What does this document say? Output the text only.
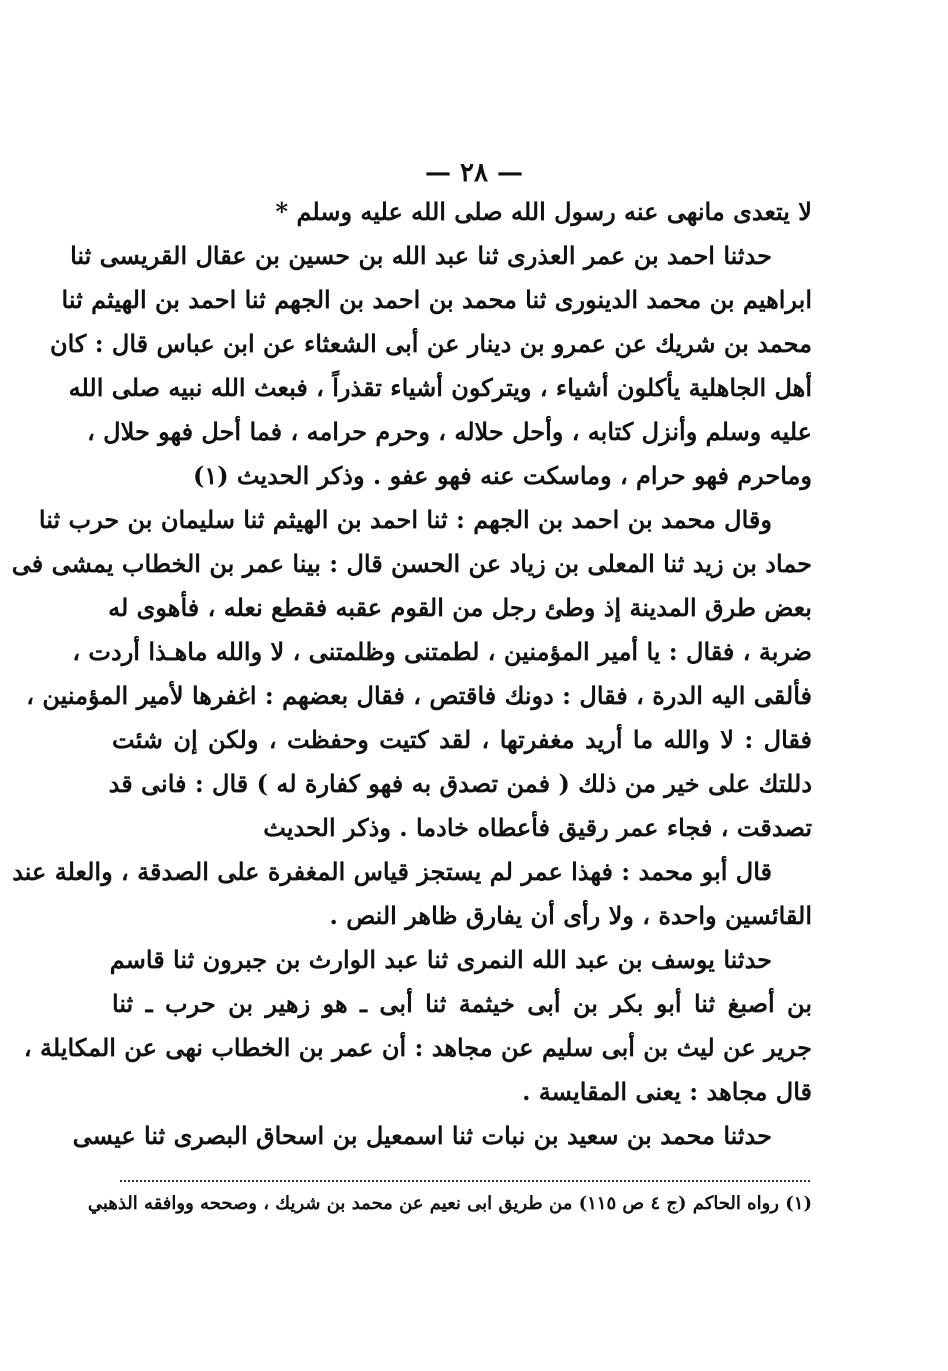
— ٢٨ —
لا يتعدى مانهى عنه رسول الله صلى الله عليه وسلم *
حدثنا احمد بن عمر العذرى ثنا عبد الله بن حسين بن عقال القريسى ثنا
ابراهيم بن محمد الدينورى ثنا محمد بن احمد بن الجهم ثنا احمد بن الهيثم ثنا
محمد بن شريك عن عمرو بن دينار عن أبى الشعثاء عن ابن عباس قال : كان
أهل الجاهلية يأكلون أشياء ، ويتركون أشياء تقذراً ، فبعث الله نبيه صلى الله
عليه وسلم وأنزل كتابه ، وأحل حلاله ، وحرم حرامه ، فما أحل فهو حلال ،
وماحرم فهو حرام ، وماسكت عنه فهو عفو . وذكر الحديث (١)
وقال محمد بن احمد بن الجهم : ثنا احمد بن الهيثم ثنا سليمان بن حرب ثنا
حماد بن زيد ثنا المعلى بن زياد عن الحسن قال : بينا عمر بن الخطاب يمشى فى
بعض طرق المدينة إذ وطئ رجل من القوم عقبه فقطع نعله ، فأهوى له
ضربة ، فقال : يا أمير المؤمنين ، لطمتنى وظلمتنى ، لا والله ماهـذا أردت ،
فألقى اليه الدرة ، فقال : دونك فاقتص ، فقال بعضهم : اغفرها لأمير المؤمنين ،
فقال : لا والله ما أريد مغفرتها ، لقد كتيت وحفظت ، ولكن إن شئت
دللتك على خير من ذلك ( فمن تصدق به فهو كفارة له ) قال : فانى قد
تصدقت ، فجاء عمر رقيق فأعطاه خادما . وذكر الحديث
قال أبو محمد : فهذا عمر لم يستجز قياس المغفرة على الصدقة ، والعلة عند
القائسين واحدة ، ولا رأى أن يفارق ظاهر النص .
حدثنا يوسف بن عبد الله النمرى ثنا عبد الوارث بن جبرون ثنا قاسم
بن أصبغ ثنا أبو بكر بن أبى خيثمة ثنا أبى ـ هو زهير بن حرب ـ ثنا
جرير عن ليث بن أبى سليم عن مجاهد : أن عمر بن الخطاب نهى عن المكايلة ،
قال مجاهد : يعنى المقايسة .
حدثنا محمد بن سعيد بن نبات ثنا اسمعيل بن اسحاق البصرى ثنا عيسى
(١) رواه الحاكم (ج ٤ ص ١١٥) من طريق ابى نعيم عن محمد بن شريك ، وصححه ووافقه الذهبي
